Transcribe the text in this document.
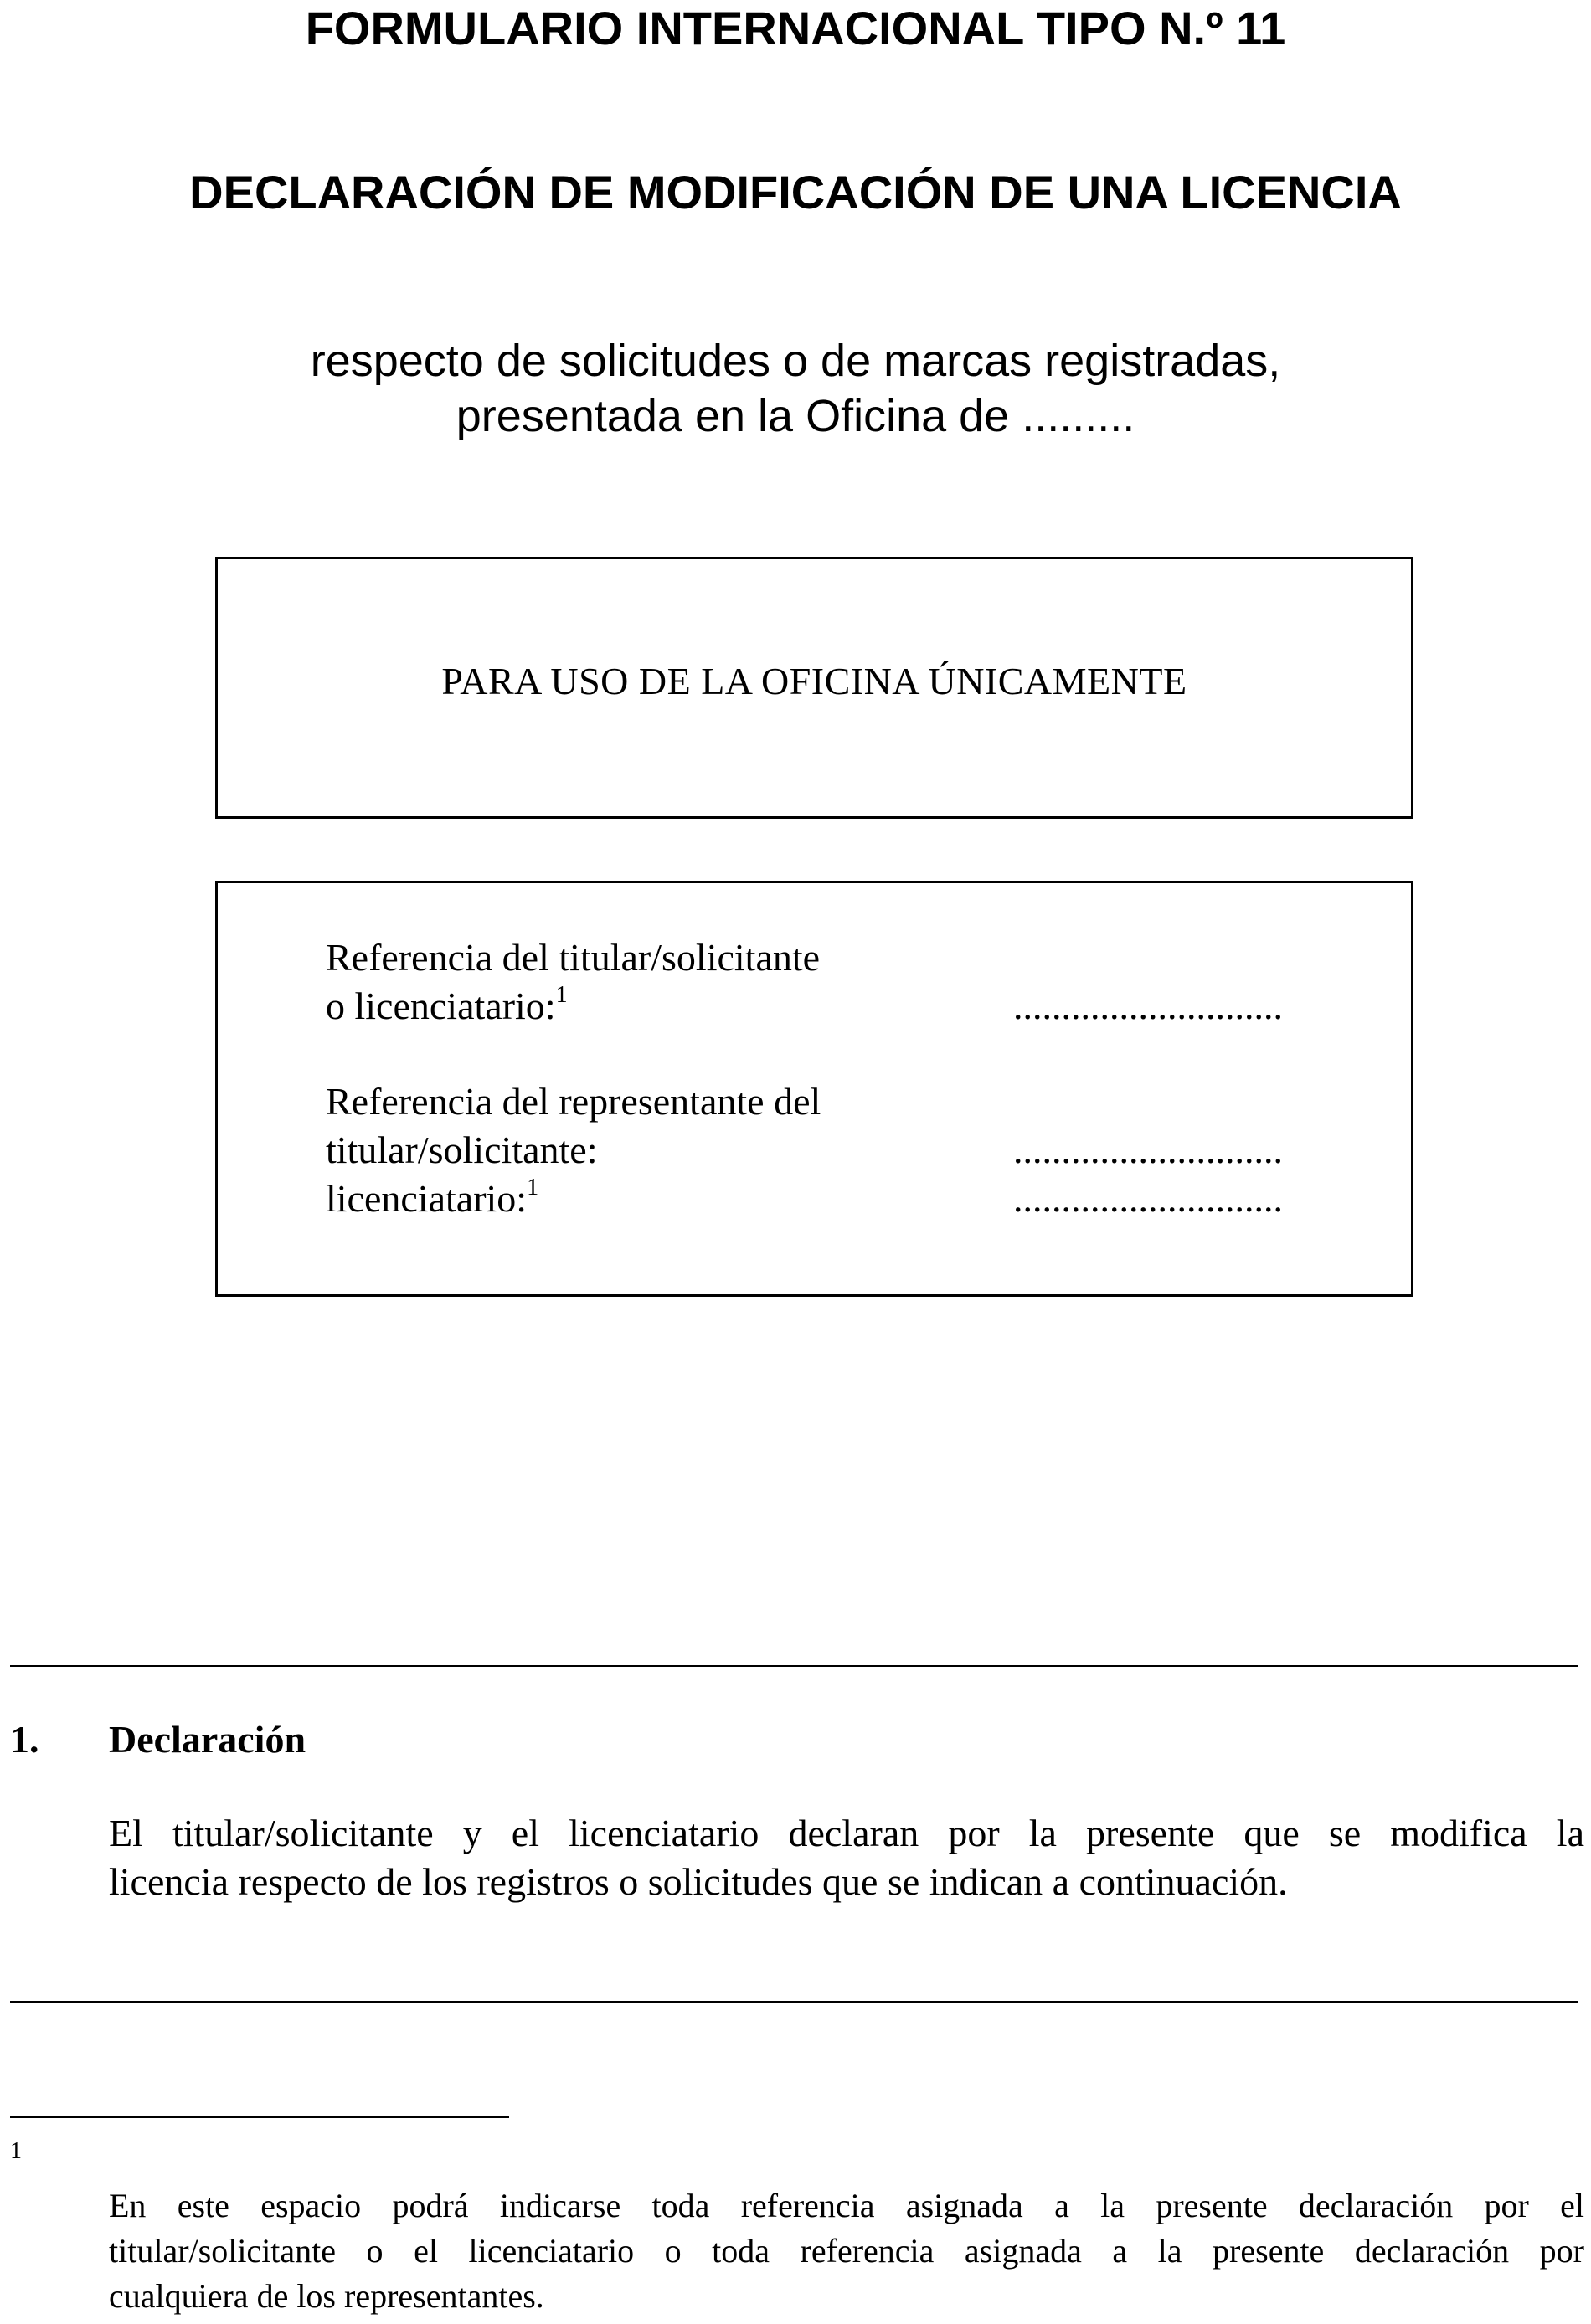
FORMULARIO INTERNACIONAL TIPO N.º 11
DECLARACIÓN DE MODIFICACIÓN DE UNA LICENCIA
respecto de solicitudes o de marcas registradas,
presentada en la Oficina de .........
PARA USO DE LA OFICINA ÚNICAMENTE
Referencia del titular/solicitante
o licenciatario:$^1$	............................
Referencia del representante del
titular/solicitante:	............................
licenciatario:$^1$	............................
1. Declaración
El titular/solicitante y el licenciatario declaran por la presente que se modifica la
licencia respecto de los registros o solicitudes que se indican a continuación.
1
En este espacio podrá indicarse toda referencia asignada a la presente declaración por el
titular/solicitante o el licenciatario o toda referencia asignada a la presente declaración por
cualquiera de los representantes.
